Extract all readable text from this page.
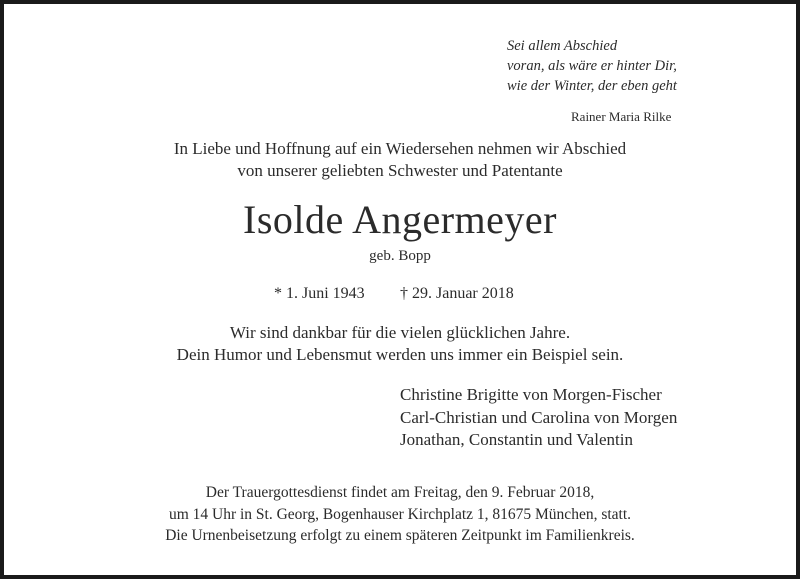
Sei allem Abschied
voran, als wäre er hinter Dir,
wie der Winter, der eben geht
Rainer Maria Rilke
In Liebe und Hoffnung auf ein Wiedersehen nehmen wir Abschied
von unserer geliebten Schwester und Patentante
Isolde Angermeyer
geb. Bopp
* 1. Juni 1943 † 29. Januar 2018
Wir sind dankbar für die vielen glücklichen Jahre.
Dein Humor und Lebensmut werden uns immer ein Beispiel sein.
Christine Brigitte von Morgen-Fischer
Carl-Christian und Carolina von Morgen
Jonathan, Constantin und Valentin
Der Trauergottesdienst findet am Freitag, den 9. Februar 2018,
um 14 Uhr in St. Georg, Bogenhauser Kirchplatz 1, 81675 München, statt.
Die Urnenbeisetzung erfolgt zu einem späteren Zeitpunkt im Familienkreis.
